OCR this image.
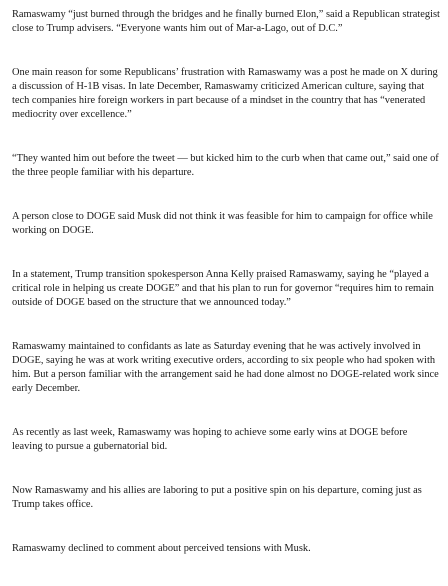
Ramaswamy “just burned through the bridges and he finally burned Elon,” said a Republican strategist close to Trump advisers. “Everyone wants him out of Mar-a-Lago, out of D.C.”

One main reason for some Republicans’ frustration with Ramaswamy was a post he made on X during a discussion of H-1B visas. In late December, Ramaswamy criticized American culture, saying that tech companies hire foreign workers in part because of a mindset in the country that has “venerated mediocrity over excellence.”

“They wanted him out before the tweet — but kicked him to the curb when that came out,” said one of the three people familiar with his departure.

A person close to DOGE said Musk did not think it was feasible for him to campaign for office while working on DOGE.

In a statement, Trump transition spokesperson Anna Kelly praised Ramaswamy, saying he “played a critical role in helping us create DOGE” and that his plan to run for governor “requires him to remain outside of DOGE based on the structure that we announced today.”

Ramaswamy maintained to confidants as late as Saturday evening that he was actively involved in DOGE, saying he was at work writing executive orders, according to six people who had spoken with him. But a person familiar with the arrangement said he had done almost no DOGE-related work since early December.

As recently as last week, Ramaswamy was hoping to achieve some early wins at DOGE before leaving to pursue a gubernatorial bid.

Now Ramaswamy and his allies are laboring to put a positive spin on his departure, coming just as Trump takes office.

Ramaswamy declined to comment about perceived tensions with Musk.
